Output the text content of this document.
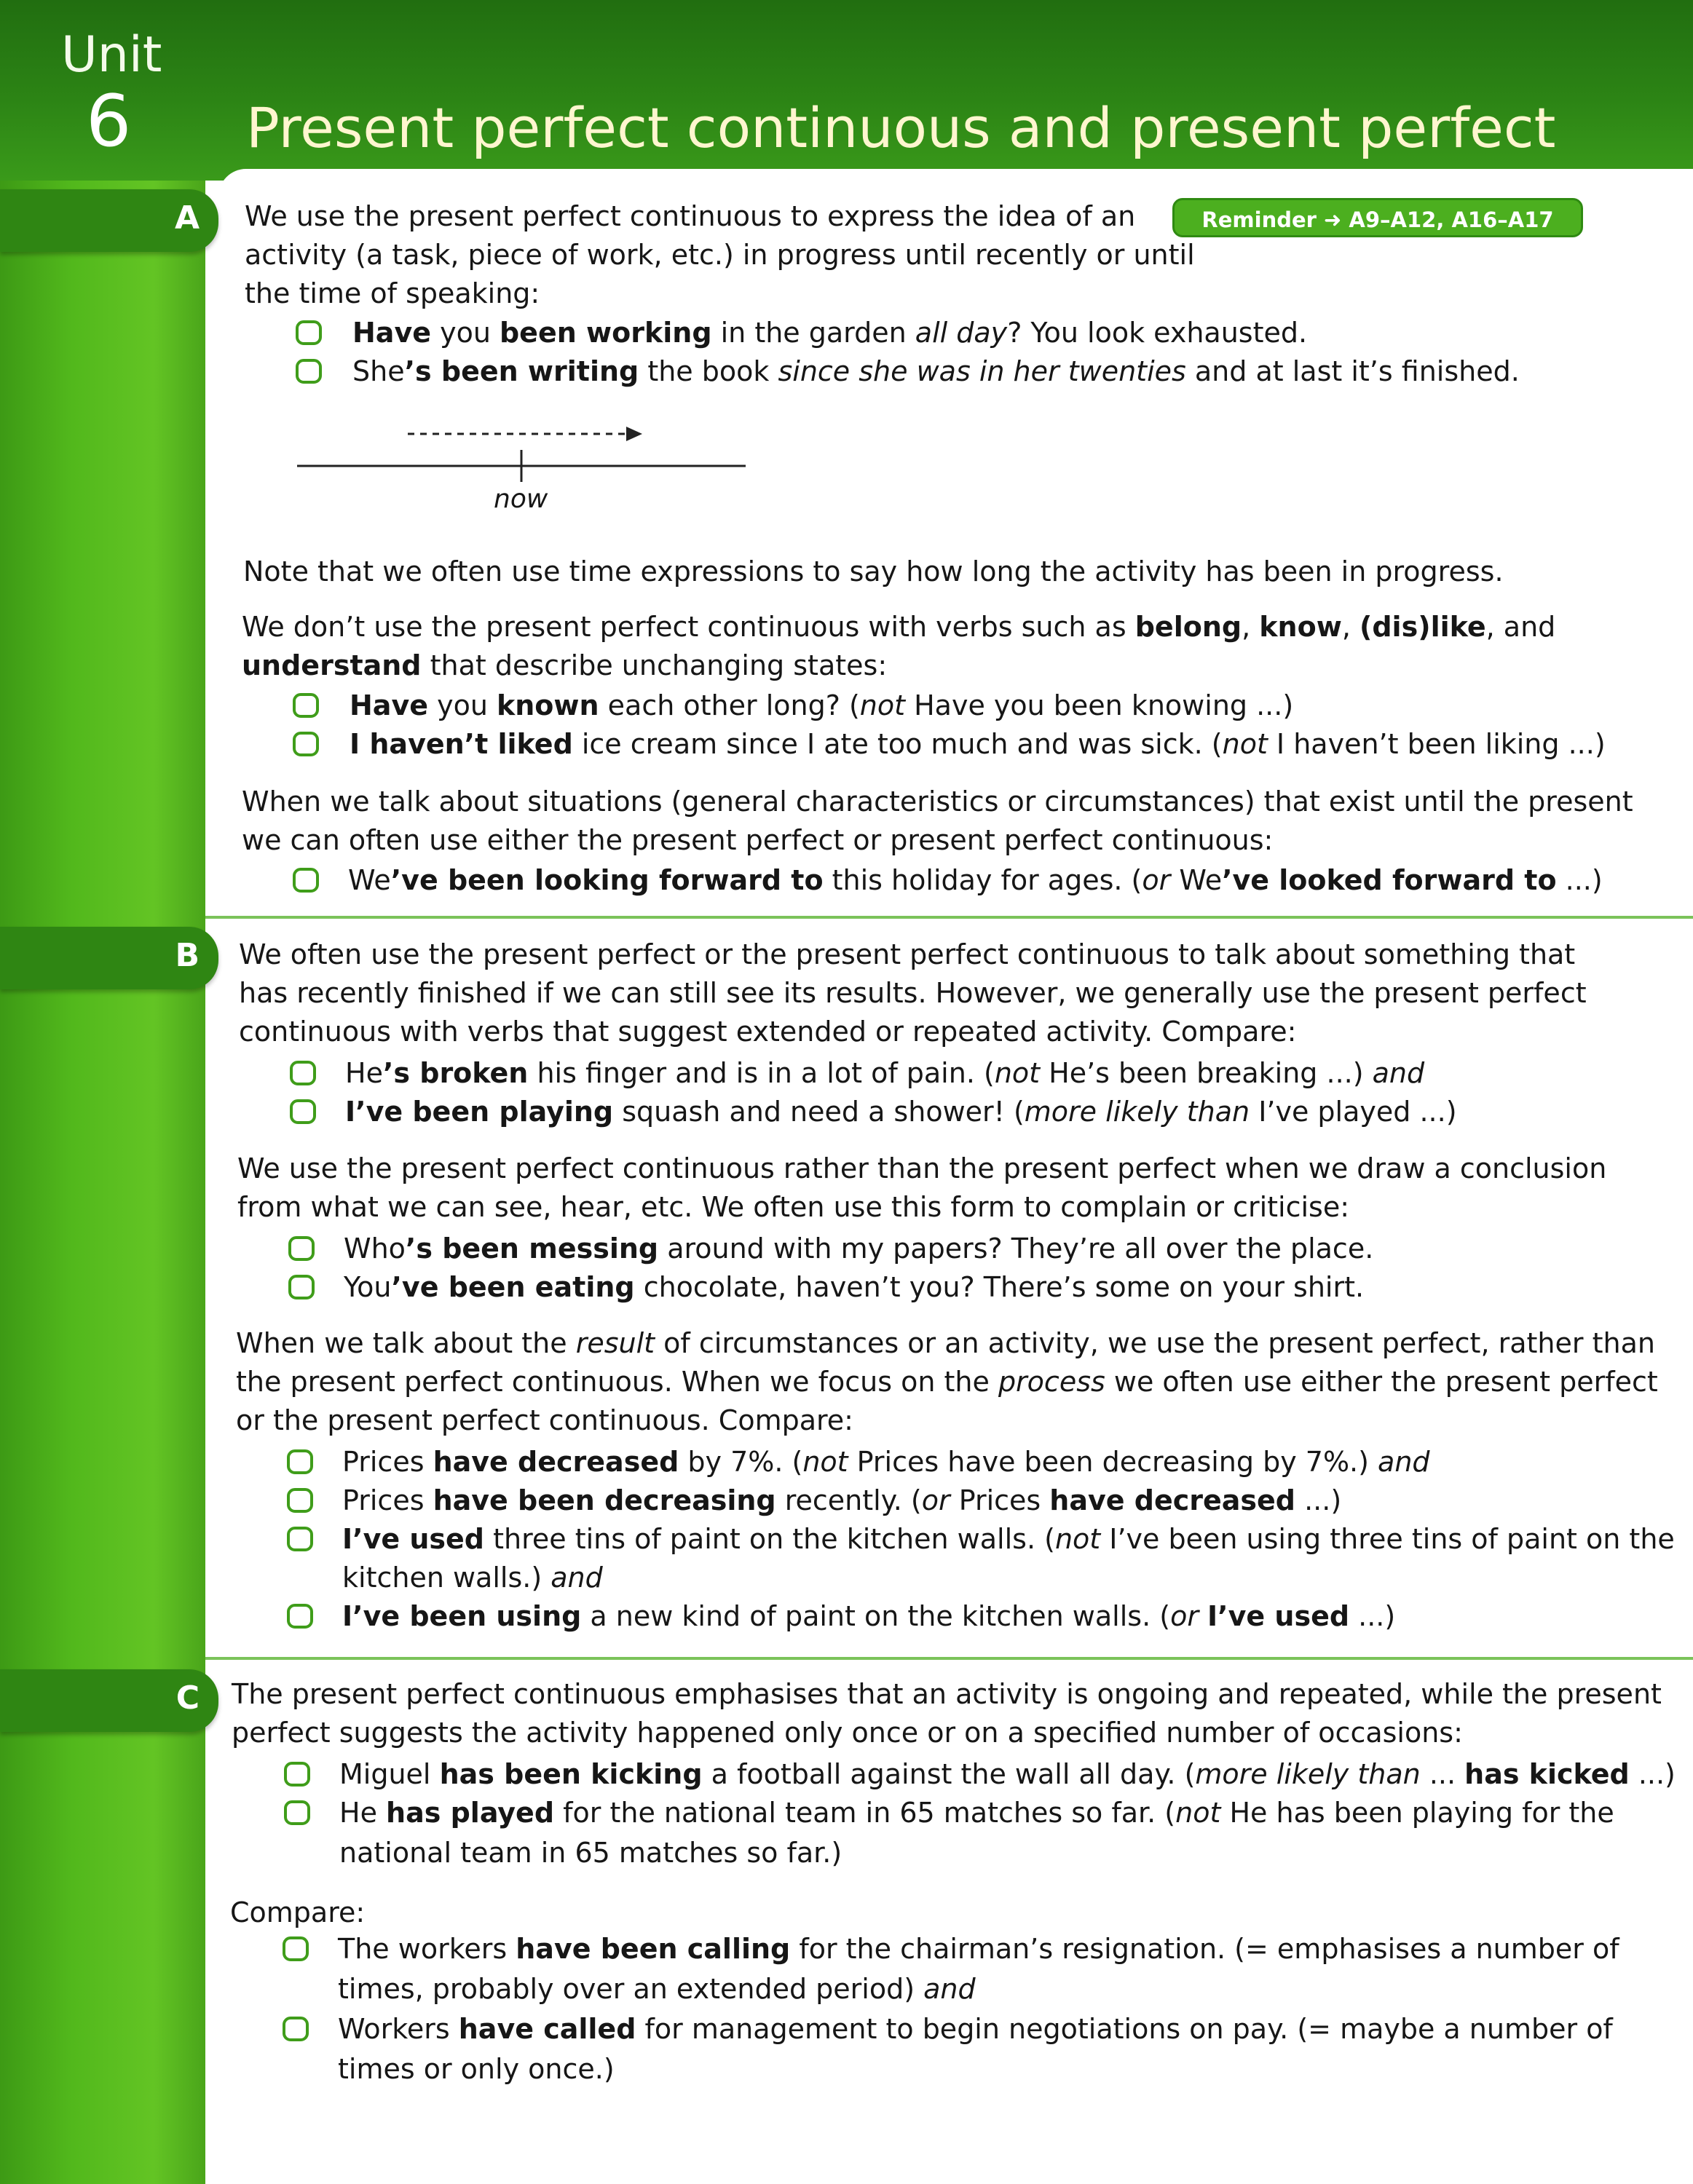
Unit
6 Present perfect continuous and present perfect
A
B
C
Reminder ➜ A9–A12, A16–A17

We use the present perfect continuous to express the idea of an

activity (a task, piece of work, etc.) in progress until recently or until

the time of speaking:

Have you been working in the garden all day? You look exhausted.

She’s been writing the book since she was in her twenties and at last it’s finished.

now

Note that we often use time expressions to say how long the activity has been in progress.

We don’t use the present perfect continuous with verbs such as belong, know, (dis)like, and

understand that describe unchanging states:

Have you known each other long? (not Have you been knowing ...)

I haven’t liked ice cream since I ate too much and was sick. (not I haven’t been liking ...)

When we talk about situations (general characteristics or circumstances) that exist until the present

we can often use either the present perfect or present perfect continuous:

We’ve been looking forward to this holiday for ages. (or We’ve looked forward to ...)

We often use the present perfect or the present perfect continuous to talk about something that

has recently finished if we can still see its results. However, we generally use the present perfect

continuous with verbs that suggest extended or repeated activity. Compare:

He’s broken his finger and is in a lot of pain. (not He’s been breaking ...) and

I’ve been playing squash and need a shower! (more likely than I’ve played ...)

We use the present perfect continuous rather than the present perfect when we draw a conclusion

from what we can see, hear, etc. We often use this form to complain or criticise:

Who’s been messing around with my papers? They’re all over the place.

You’ve been eating chocolate, haven’t you? There’s some on your shirt.

When we talk about the result of circumstances or an activity, we use the present perfect, rather than

the present perfect continuous. When we focus on the process we often use either the present perfect

or the present perfect continuous. Compare:

Prices have decreased by 7%. (not Prices have been decreasing by 7%.) and

Prices have been decreasing recently. (or Prices have decreased ...)

I’ve used three tins of paint on the kitchen walls. (not I’ve been using three tins of paint on the

kitchen walls.) and

I’ve been using a new kind of paint on the kitchen walls. (or I’ve used ...)

The present perfect continuous emphasises that an activity is ongoing and repeated, while the present

perfect suggests the activity happened only once or on a specified number of occasions:

Miguel has been kicking a football against the wall all day. (more likely than ... has kicked ...)

He has played for the national team in 65 matches so far. (not He has been playing for the

national team in 65 matches so far.)

Compare:

The workers have been calling for the chairman’s resignation. (= emphasises a number of

times, probably over an extended period) and

Workers have called for management to begin negotiations on pay. (= maybe a number of

times or only once.)
